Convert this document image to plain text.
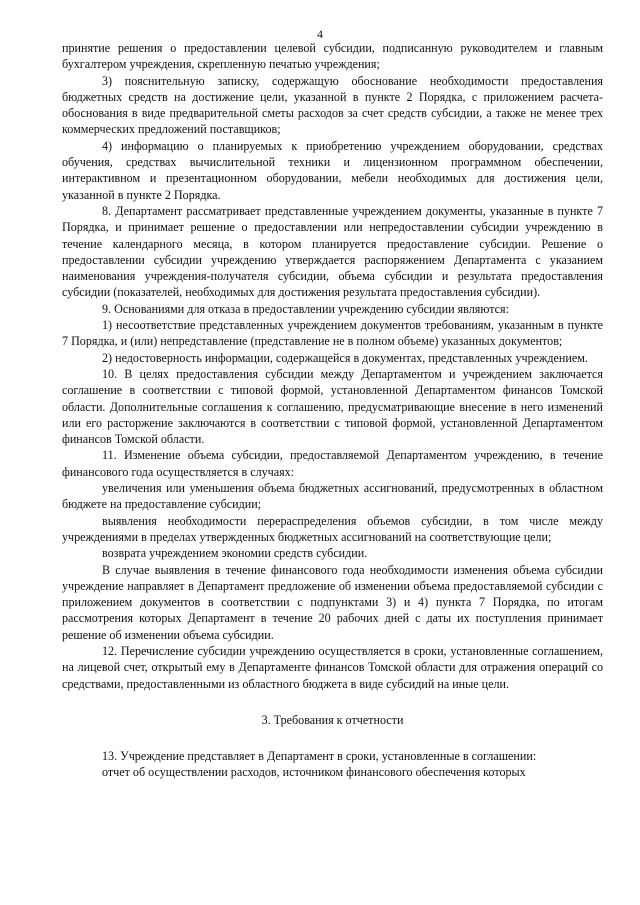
4

принятие решения о предоставлении целевой субсидии, подписанную руководителем и главным бухгалтером учреждения, скрепленную печатью учреждения;

3) пояснительную записку, содержащую обоснование необходимости предоставления бюджетных средств на достижение цели, указанной в пункте 2 Порядка, с приложением расчета-обоснования в виде предварительной сметы расходов за счет средств субсидии, а также не менее трех коммерческих предложений поставщиков;

4) информацию о планируемых к приобретению учреждением оборудовании, средствах обучения, средствах вычислительной техники и лицензионном программном обеспечении, интерактивном и презентационном оборудовании, мебели необходимых для достижения цели, указанной в пункте 2 Порядка.

8. Департамент рассматривает представленные учреждением документы, указанные в пункте 7 Порядка, и принимает решение о предоставлении или непредоставлении субсидии учреждению в течение календарного месяца, в котором планируется предоставление субсидии. Решение о предоставлении субсидии учреждению утверждается распоряжением Департамента с указанием наименования учреждения-получателя субсидии, объема субсидии и результата предоставления субсидии (показателей, необходимых для достижения результата предоставления субсидии).

9. Основаниями для отказа в предоставлении учреждению субсидии являются:

1) несоответствие представленных учреждением документов требованиям, указанным в пункте 7 Порядка, и (или) непредставление (представление не в полном объеме) указанных документов;

2) недостоверность информации, содержащейся в документах, представленных учреждением.

10. В целях предоставления субсидии между Департаментом и учреждением заключается соглашение в соответствии с типовой формой, установленной Департаментом финансов Томской области. Дополнительные соглашения к соглашению, предусматривающие внесение в него изменений или его расторжение заключаются в соответствии с типовой формой, установленной Департаментом финансов Томской области.

11. Изменение объема субсидии, предоставляемой Департаментом учреждению, в течение финансового года осуществляется в случаях:

увеличения или уменьшения объема бюджетных ассигнований, предусмотренных в областном бюджете на предоставление субсидии;

выявления необходимости перераспределения объемов субсидии, в том числе между учреждениями в пределах утвержденных бюджетных ассигнований на соответствующие цели;

возврата учреждением экономии средств субсидии.

В случае выявления в течение финансового года необходимости изменения объема субсидии учреждение направляет в Департамент предложение об изменении объема предоставляемой субсидии с приложением документов в соответствии с подпунктами 3) и 4) пункта 7 Порядка, по итогам рассмотрения которых Департамент в течение 20 рабочих дней с даты их поступления принимает решение об изменении объема субсидии.

12. Перечисление субсидии учреждению осуществляется в сроки, установленные соглашением, на лицевой счет, открытый ему в Департаменте финансов Томской области для отражения операций со средствами, предоставленными из областного бюджета в виде субсидий на иные цели.

3. Требования к отчетности

13. Учреждение представляет в Департамент в сроки, установленные в соглашении:

отчет об осуществлении расходов, источником финансового обеспечения которых
